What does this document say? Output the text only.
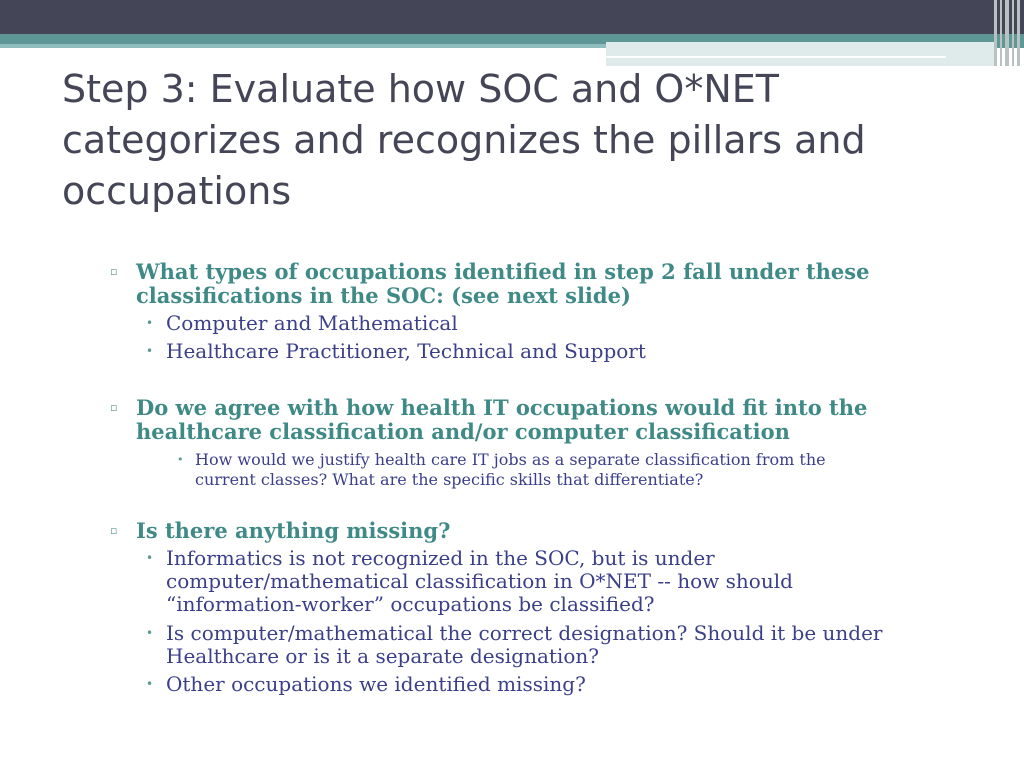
Step 3: Evaluate how SOC and O*NET
categorizes and recognizes the pillars and
occupations
▫ What types of occupations identified in step 2 fall under these
classifications in the SOC: (see next slide)
• Computer and Mathematical
• Healthcare Practitioner, Technical and Support
▫ Do we agree with how health IT occupations would fit into the
healthcare classification and/or computer classification
• How would we justify health care IT jobs as a separate classification from the
current classes? What are the specific skills that differentiate?
▫ Is there anything missing?
• Informatics is not recognized in the SOC, but is under
computer/mathematical classification in O*NET -- how should
“information-worker” occupations be classified?
• Is computer/mathematical the correct designation? Should it be under
Healthcare or is it a separate designation?
• Other occupations we identified missing?
